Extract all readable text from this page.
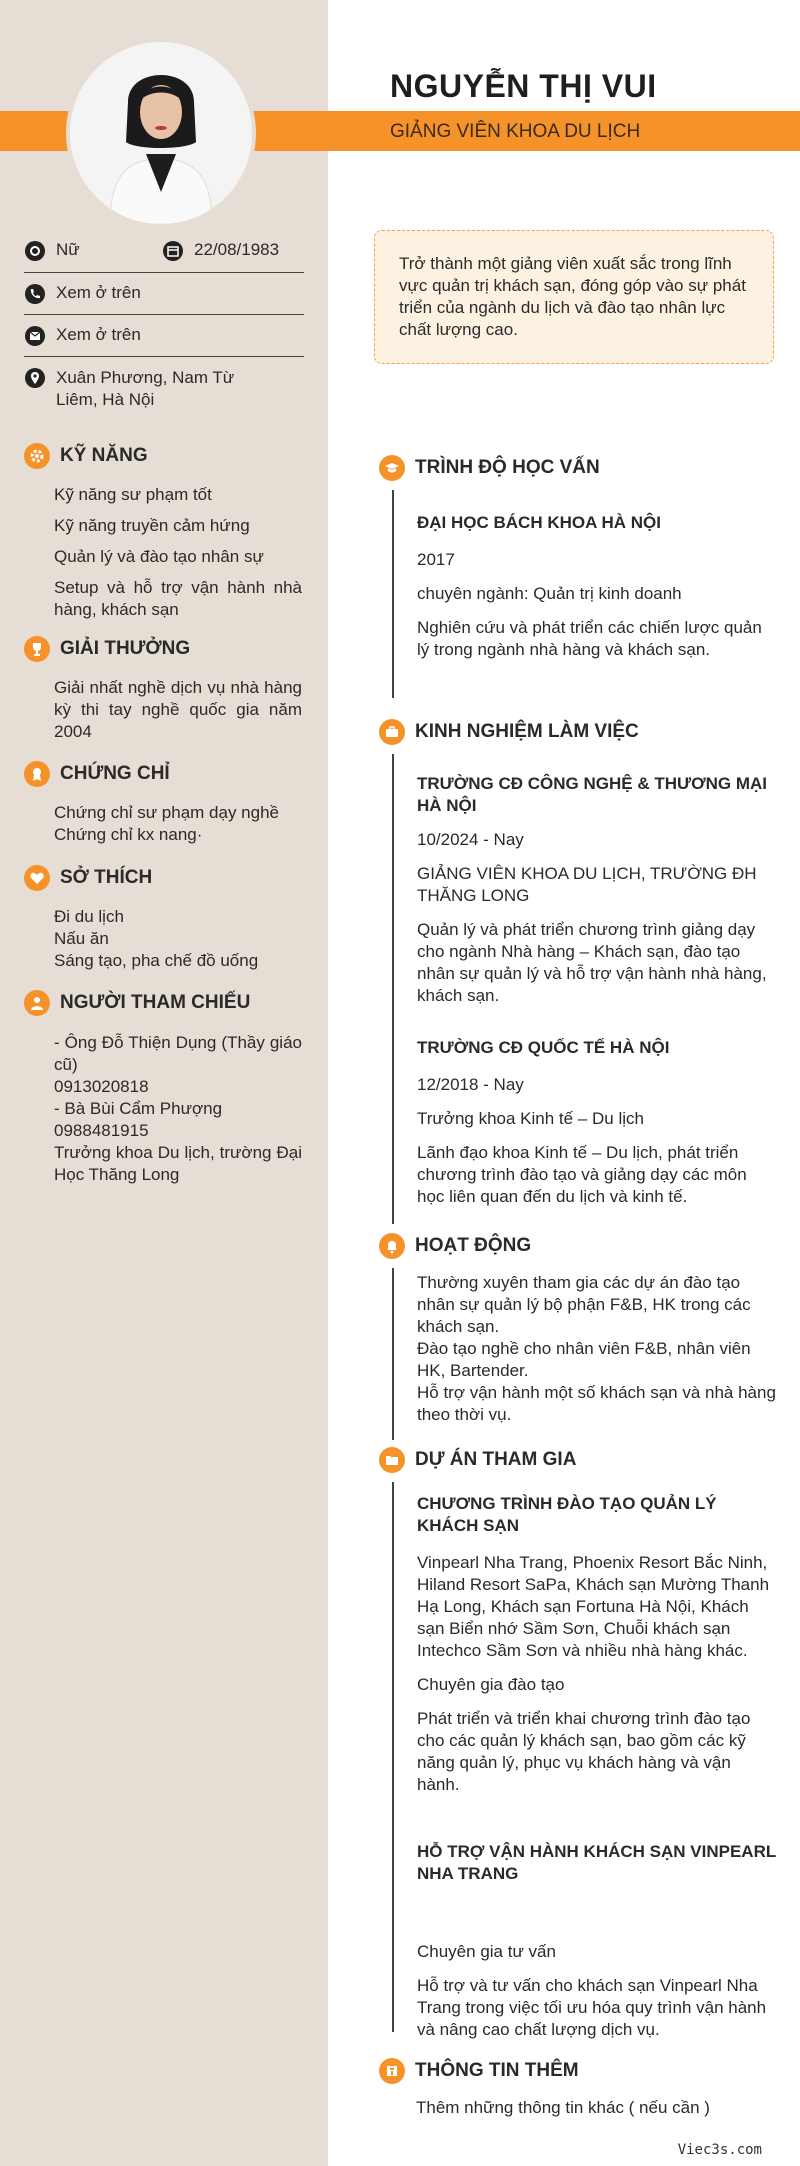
NGUYỄN THỊ VUI
GIẢNG VIÊN KHOA DU LỊCH
Nữ	22/08/1983
Xem ở trên
Xem ở trên
Xuân Phương, Nam Từ Liêm, Hà Nội
KỸ NĂNG

Kỹ năng sư phạm tốt

Kỹ năng truyền cảm hứng

Quản lý và đào tạo nhân sự

Setup và hỗ trợ vận hành nhà hàng, khách sạn

GIẢI THƯỞNG
Giải nhất nghề dịch vụ nhà hàng kỳ thi tay nghề quốc gia năm 2004
CHỨNG CHỈ

Chứng chỉ sư phạm dạy nghề

Chứng chỉ kx nang·

SỞ THÍCH

Đi du lịch

Nấu ăn

Sáng tạo, pha chế đồ uống

NGƯỜI THAM CHIẾU

- Ông Đỗ Thiện Dụng (Thầy giáo cũ)

0913020818

- Bà Bùi Cẩm Phượng

0988481915

Trưởng khoa Du lịch, trường Đại Học Thăng Long

Trở thành một giảng viên xuất sắc trong lĩnh vực quản trị khách sạn, đóng góp vào sự phát triển của ngành du lịch và đào tạo nhân lực chất lượng cao.
TRÌNH ĐỘ HỌC VẤN

ĐẠI HỌC BÁCH KHOA HÀ NỘI

2017

chuyên ngành: Quản trị kinh doanh

Nghiên cứu và phát triển các chiến lược quản lý trong ngành nhà hàng và khách sạn.

KINH NGHIỆM LÀM VIỆC

TRƯỜNG CĐ CÔNG NGHỆ & THƯƠNG MẠI HÀ NỘI

10/2024 - Nay

GIẢNG VIÊN KHOA DU LỊCH, TRƯỜNG ĐH THĂNG LONG

Quản lý và phát triển chương trình giảng dạy cho ngành Nhà hàng – Khách sạn, đào tạo nhân sự quản lý và hỗ trợ vận hành nhà hàng, khách sạn.

TRƯỜNG CĐ QUỐC TẾ HÀ NỘI

12/2018 - Nay

Trưởng khoa Kinh tế – Du lịch

Lãnh đạo khoa Kinh tế – Du lịch, phát triển chương trình đào tạo và giảng dạy các môn học liên quan đến du lịch và kinh tế.

HOẠT ĐỘNG

Thường xuyên tham gia các dự án đào tạo nhân sự quản lý bộ phận F&B, HK trong các khách sạn.

Đào tạo nghề cho nhân viên F&B, nhân viên HK, Bartender.

Hỗ trợ vận hành một số khách sạn và nhà hàng theo thời vụ.

DỰ ÁN THAM GIA

CHƯƠNG TRÌNH ĐÀO TẠO QUẢN LÝ KHÁCH SẠN

Vinpearl Nha Trang, Phoenix Resort Bắc Ninh, Hiland Resort SaPa, Khách sạn Mường Thanh Hạ Long, Khách sạn Fortuna Hà Nội, Khách sạn Biển nhớ Sầm Sơn, Chuỗi khách sạn Intechco Sầm Sơn và nhiều nhà hàng khác.

Chuyên gia đào tạo

Phát triển và triển khai chương trình đào tạo cho các quản lý khách sạn, bao gồm các kỹ năng quản lý, phục vụ khách hàng và vận hành.

HỖ TRỢ VẬN HÀNH KHÁCH SẠN VINPEARL NHA TRANG

Chuyên gia tư vấn

Hỗ trợ và tư vấn cho khách sạn Vinpearl Nha Trang trong việc tối ưu hóa quy trình vận hành và nâng cao chất lượng dịch vụ.

THÔNG TIN THÊM
Thêm những thông tin khác ( nếu cần )
Viec3s.com
